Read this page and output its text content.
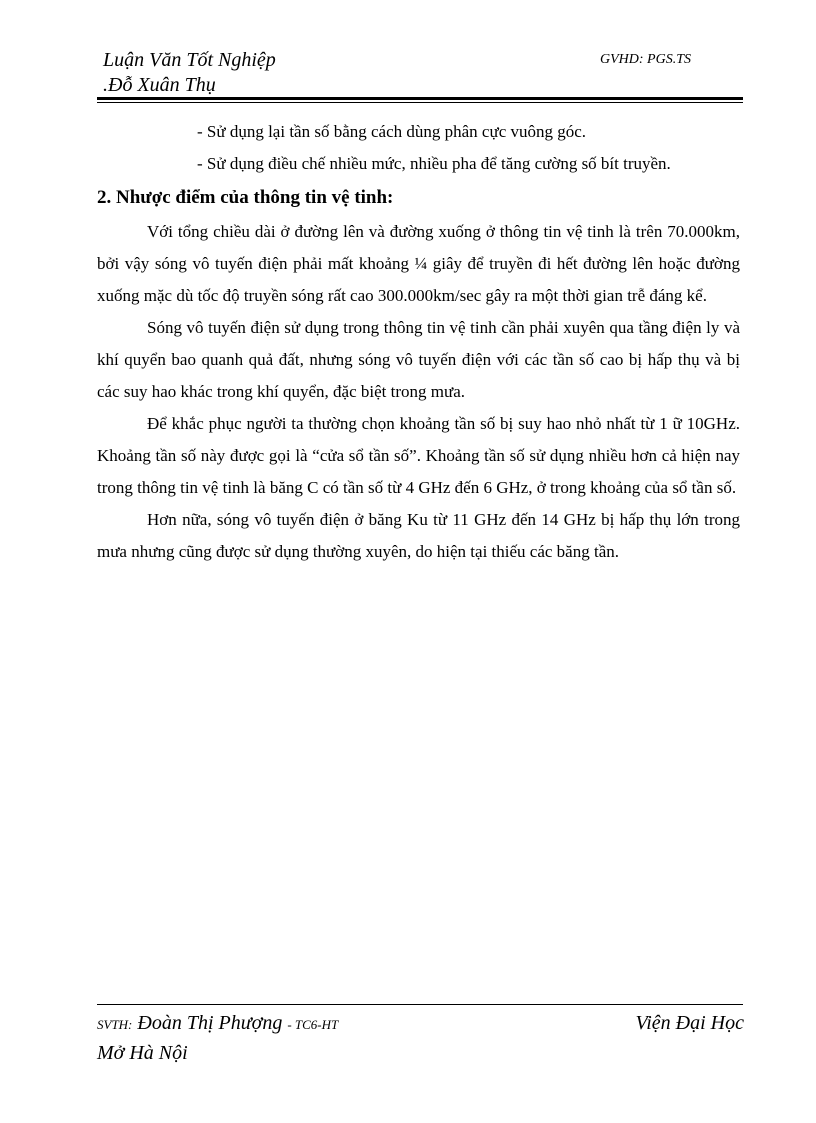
Luận Văn Tốt Nghiệp
.Đỗ Xuân Thụ
GVHD: PGS.TS

- Sử dụng lại tần số bằng cách dùng phân cực vuông góc.

- Sử dụng điều chế nhiều mức, nhiều pha để tăng cường số bít truyền.

2. Nhược điểm của thông tin vệ tinh:

Với tổng chiều dài ở đường lên và đường xuống ở thông tin vệ tinh là trên 70.000km, bởi vậy sóng vô tuyến điện phải mất khoảng ¼ giây để truyền đi hết đường lên hoặc đường xuống mặc dù tốc độ truyền sóng rất cao 300.000km/sec gây ra một thời gian trễ đáng kể.

Sóng vô tuyến điện sử dụng trong thông tin vệ tinh cần phải xuyên qua tầng điện ly và khí quyển bao quanh quả đất, nhưng sóng vô tuyến điện với các tần số cao bị hấp thụ và bị các suy hao khác trong khí quyển, đặc biệt trong mưa.

Để khắc phục người ta thường chọn khoảng tần số bị suy hao nhỏ nhất từ 1 ữ 10GHz. Khoảng tần số này được gọi là “cửa sổ tần số”. Khoảng tần số sử dụng nhiều hơn cả hiện nay trong thông tin vệ tinh là băng C có tần số từ 4 GHz đến 6 GHz, ở trong khoảng của sổ tần số.

Hơn nữa, sóng vô tuyến điện ở băng Ku từ 11 GHz đến 14 GHz bị hấp thụ lớn trong mưa nhưng cũng được sử dụng thường xuyên, do hiện tại thiếu các băng tần.

SVTH: Đoàn Thị Phượng - TC6-HT
Mở Hà Nội
Viện Đại Học
